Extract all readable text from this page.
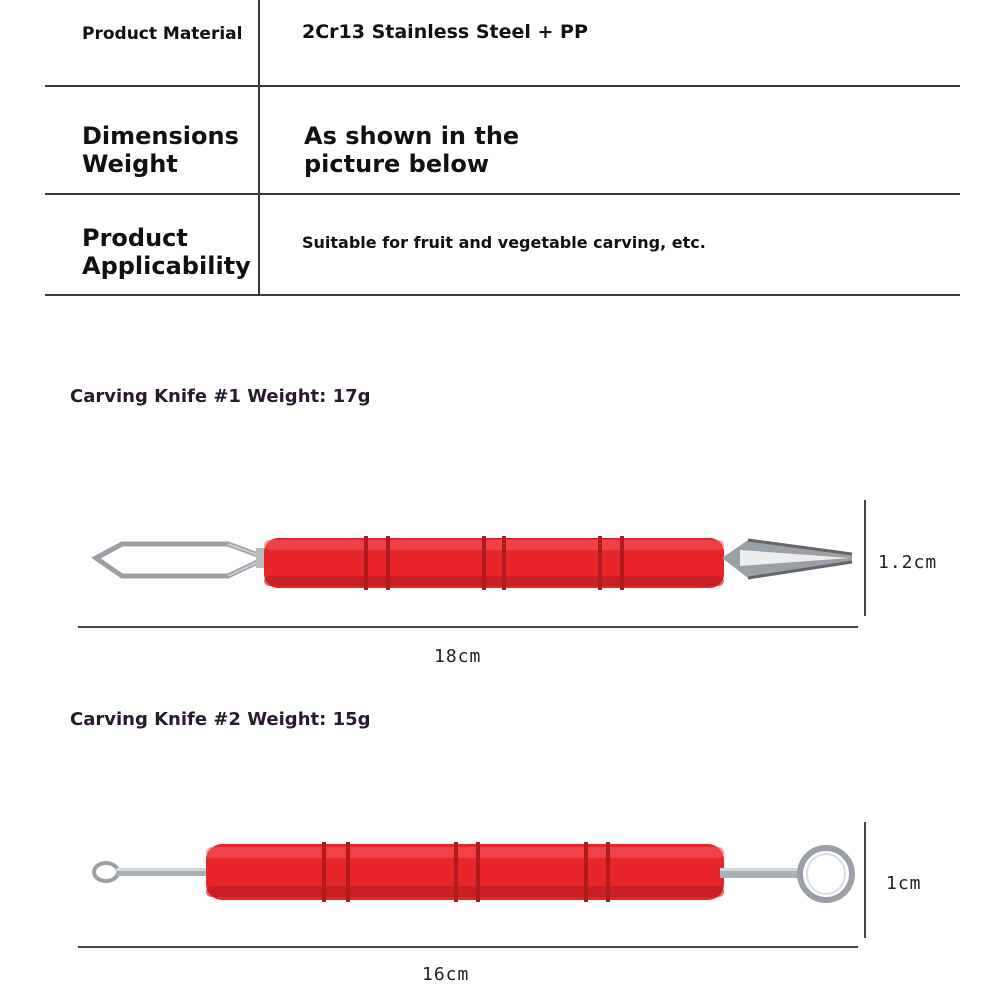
Product Material	2Cr13 Stainless Steel + PP
Dimensions
Weight
As shown in the
picture below
Product
Applicability
Suitable for fruit and vegetable carving, etc.
Carving Knife #1 Weight: 17g
1.2cm
18cm
Carving Knife #2 Weight: 15g
1cm
16cm
